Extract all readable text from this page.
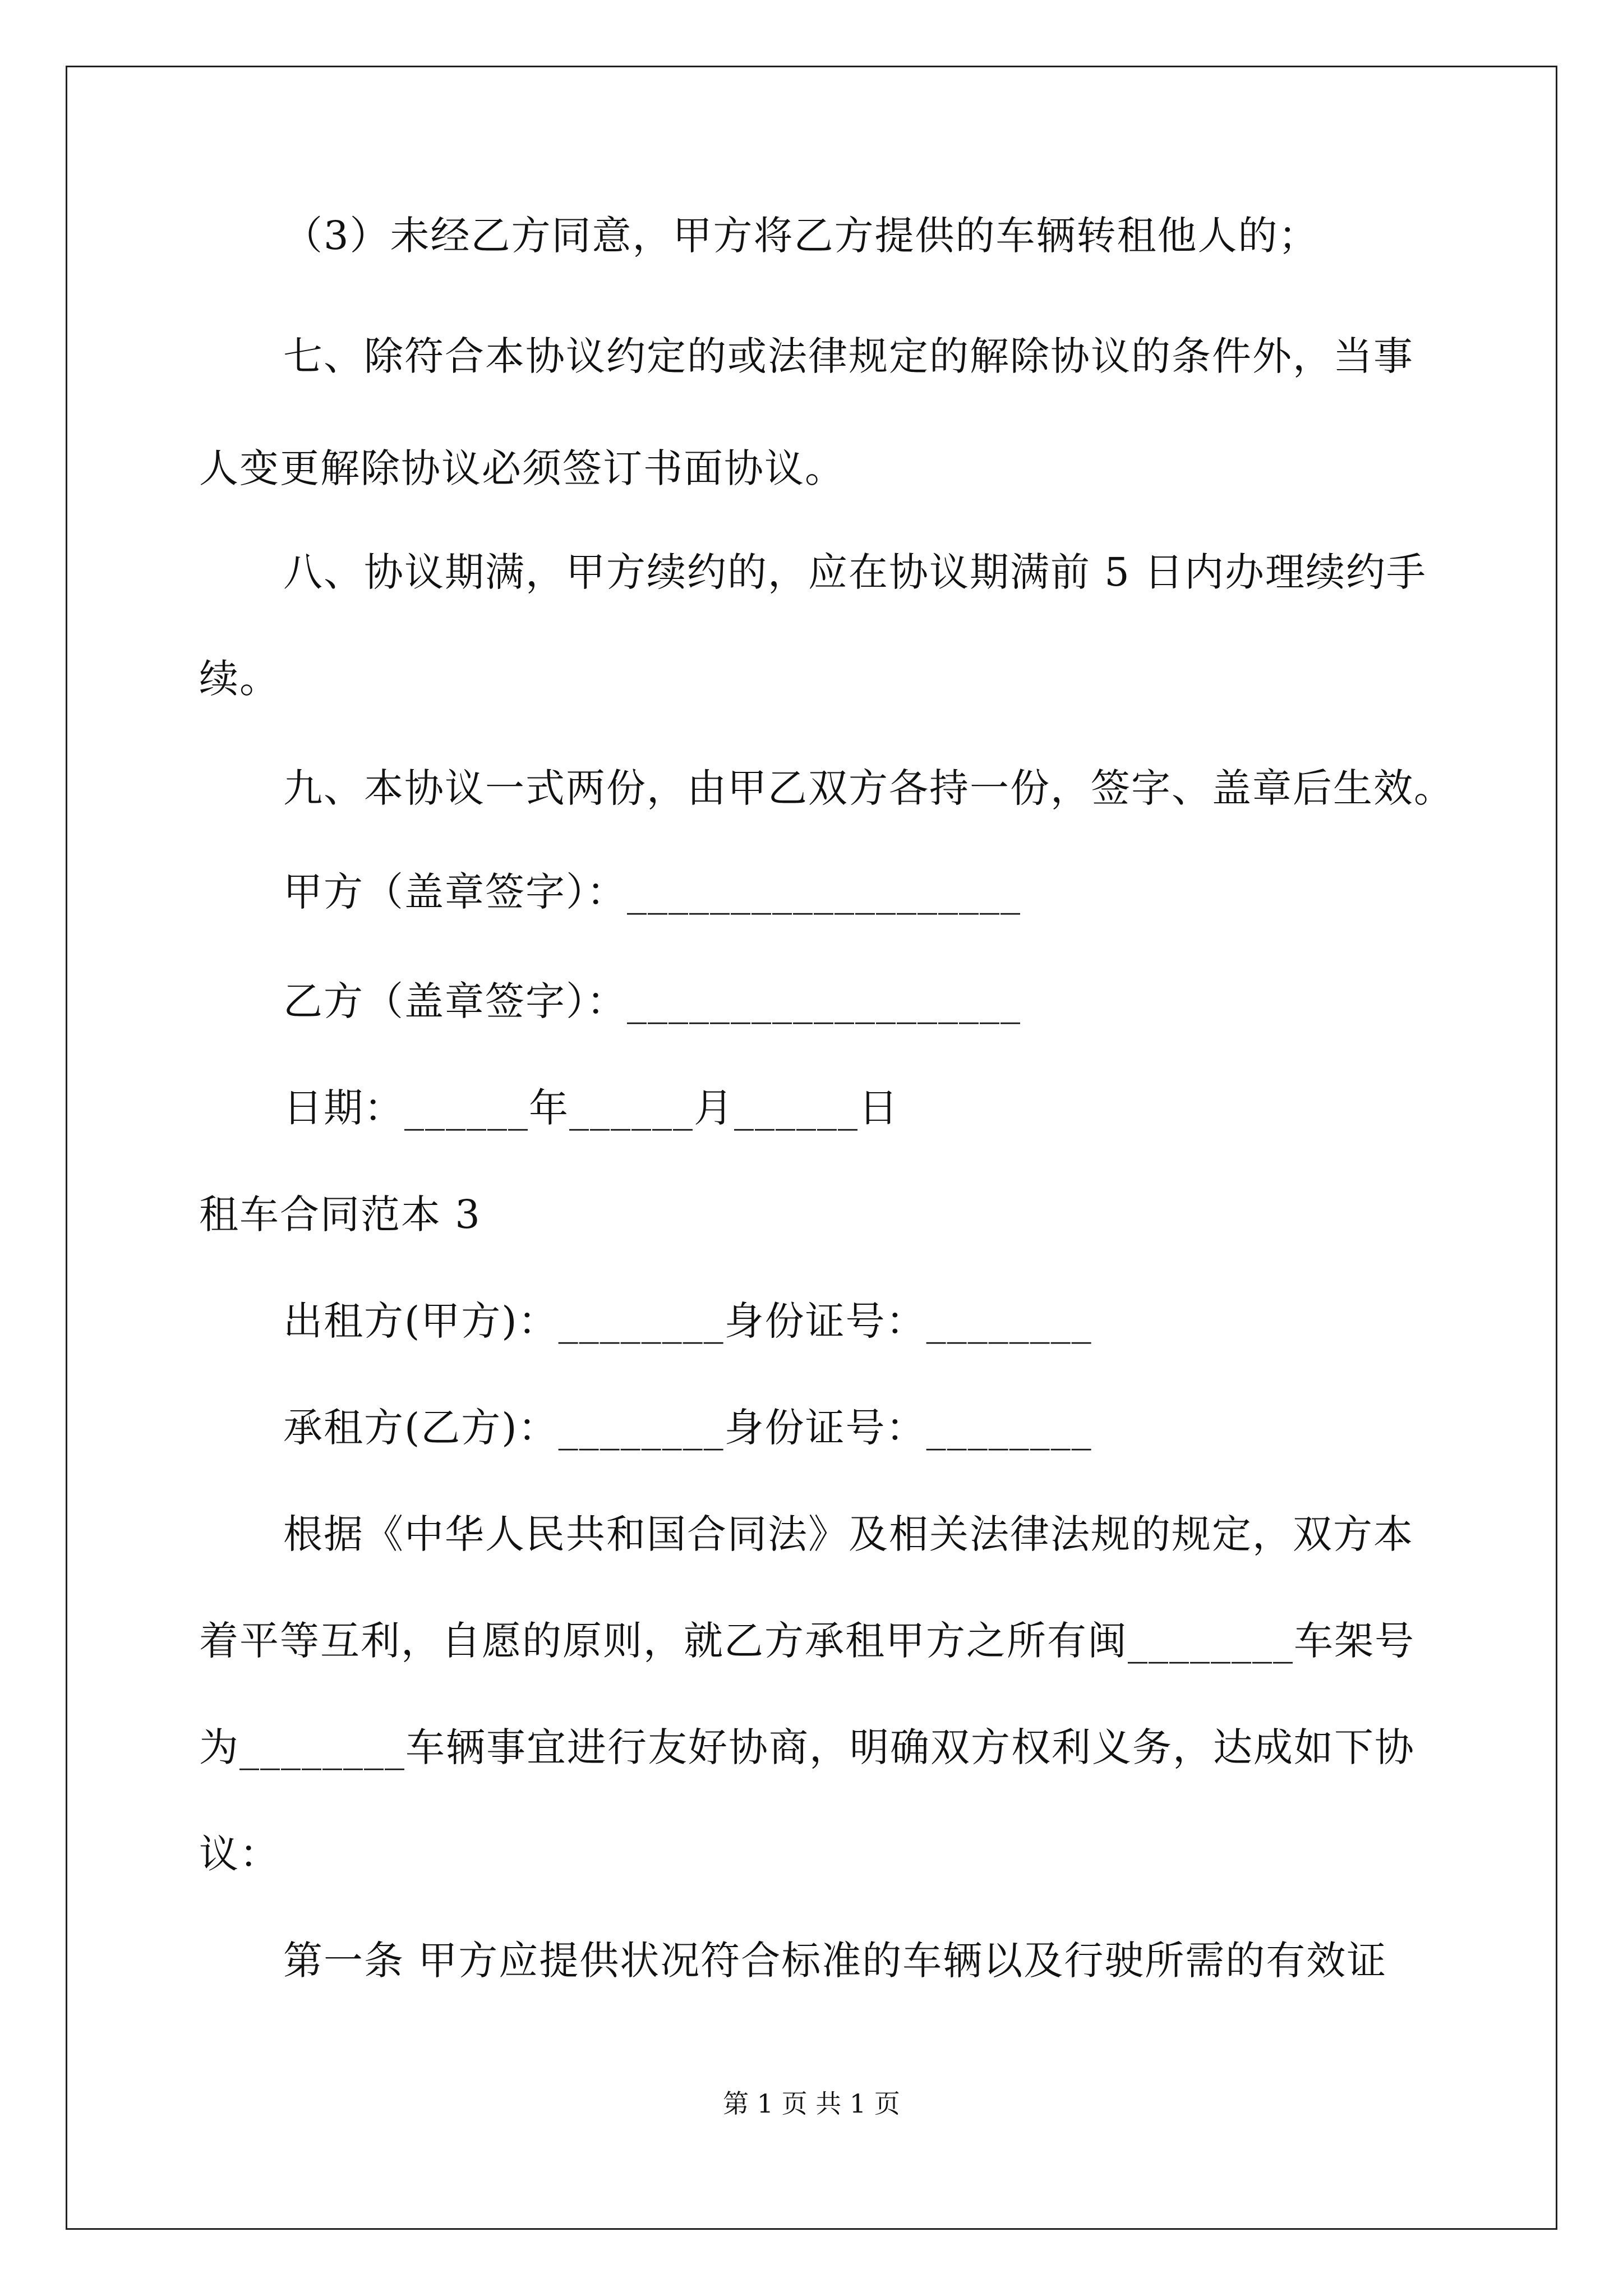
（3）未经乙方同意，甲方将乙方提供的车辆转租他人的；
七、除符合本协议约定的或法律规定的解除协议的条件外，当事
人变更解除协议必须签订书面协议。
八、协议期满，甲方续约的，应在协议期满前 5 日内办理续约手
续。
九、本协议一式两份，由甲乙双方各持一份，签字、盖章后生效。
甲方（盖章签字）：___________________
乙方（盖章签字）：___________________
日期：______年______月______日
租车合同范本 3
出租方(甲方)：________身份证号：________
承租方(乙方)：________身份证号：________
根据《中华人民共和国合同法》及相关法律法规的规定，双方本
着平等互利，自愿的原则，就乙方承租甲方之所有闽________车架号
为________车辆事宜进行友好协商，明确双方权利义务，达成如下协
议：
第一条 甲方应提供状况符合标准的车辆以及行驶所需的有效证
第 1 页 共 1 页
